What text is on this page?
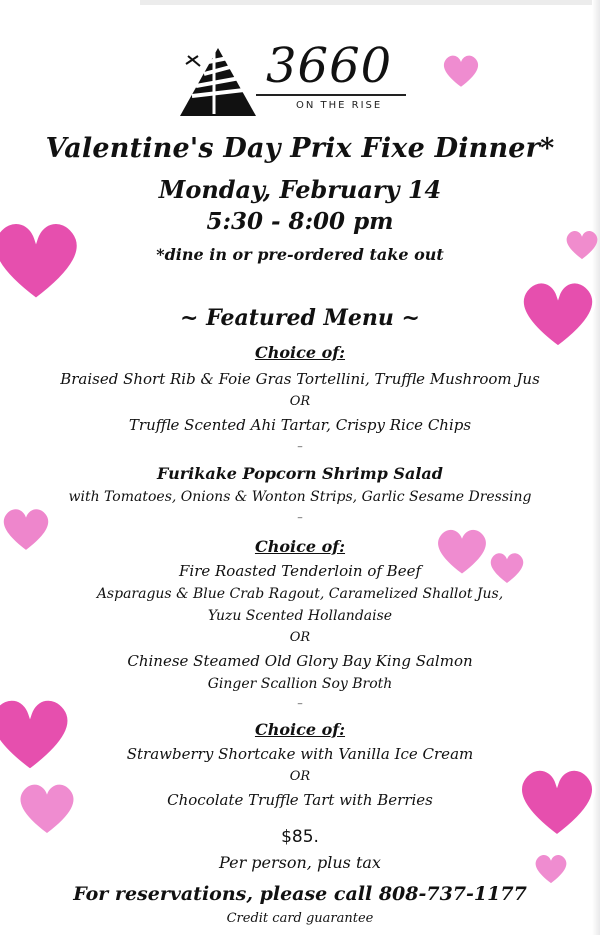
3660
ON THE RISE
Valentine's Day Prix Fixe Dinner*
Monday, February 14
5:30 - 8:00 pm
*dine in or pre-ordered take out
~ Featured Menu ~
Choice of:
Braised Short Rib & Foie Gras Tortellini, Truffle Mushroom Jus
OR
Truffle Scented Ahi Tartar, Crispy Rice Chips
–
Furikake Popcorn Shrimp Salad
with Tomatoes, Onions & Wonton Strips, Garlic Sesame Dressing
–
Choice of:
Fire Roasted Tenderloin of Beef
Asparagus & Blue Crab Ragout, Caramelized Shallot Jus,
Yuzu Scented Hollandaise
OR
Chinese Steamed Old Glory Bay King Salmon
Ginger Scallion Soy Broth
–
Choice of:
Strawberry Shortcake with Vanilla Ice Cream
OR
Chocolate Truffle Tart with Berries
$85.
Per person, plus tax
For reservations, please call 808-737-1177
Credit card guarantee
